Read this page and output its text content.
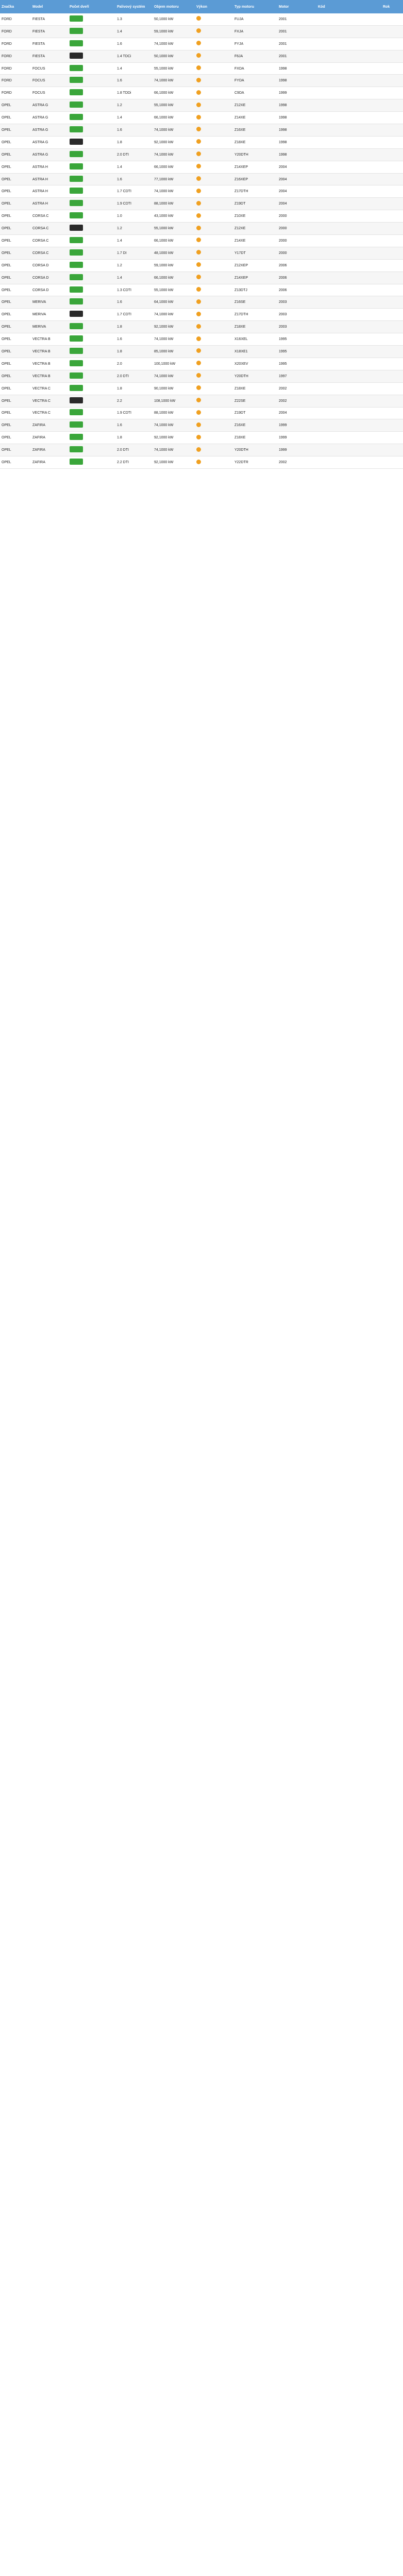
Značka	Model	Počet dveří	Palivový systém	Objem motoru	Výkon	Typ motoru	Motor	Kód	Rok
FORD	FIESTA	1.3	50,1000 kW	FUJA	2001
FORD	FIESTA	1.4	59,1000 kW	FXJA	2001
FORD	FIESTA	1.6	74,1000 kW	FYJA	2001
FORD	FIESTA	1.4 TDCi	50,1000 kW	F6JA	2001
FORD	FOCUS	1.4	55,1000 kW	FXDA	1998
FORD	FOCUS	1.6	74,1000 kW	FYDA	1998
FORD	FOCUS	1.8 TDDi	66,1000 kW	C9DA	1999
OPEL	ASTRA G	1.2	55,1000 kW	Z12XE	1998
OPEL	ASTRA G	1.4	66,1000 kW	Z14XE	1998
OPEL	ASTRA G	1.6	74,1000 kW	Z16XE	1998
OPEL	ASTRA G	1.8	92,1000 kW	Z18XE	1998
OPEL	ASTRA G	2.0 DTI	74,1000 kW	Y20DTH	1998
OPEL	ASTRA H	1.4	66,1000 kW	Z14XEP	2004
OPEL	ASTRA H	1.6	77,1000 kW	Z16XEP	2004
OPEL	ASTRA H	1.7 CDTI	74,1000 kW	Z17DTH	2004
OPEL	ASTRA H	1.9 CDTI	88,1000 kW	Z19DT	2004
OPEL	CORSA C	1.0	43,1000 kW	Z10XE	2000
OPEL	CORSA C	1.2	55,1000 kW	Z12XE	2000
OPEL	CORSA C	1.4	66,1000 kW	Z14XE	2000
OPEL	CORSA C	1.7 DI	48,1000 kW	Y17DT	2000
OPEL	CORSA D	1.2	59,1000 kW	Z12XEP	2006
OPEL	CORSA D	1.4	66,1000 kW	Z14XEP	2006
OPEL	CORSA D	1.3 CDTI	55,1000 kW	Z13DTJ	2006
OPEL	MERIVA	1.6	64,1000 kW	Z16SE	2003
OPEL	MERIVA	1.7 CDTI	74,1000 kW	Z17DTH	2003
OPEL	MERIVA	1.8	92,1000 kW	Z18XE	2003
OPEL	VECTRA B	1.6	74,1000 kW	X16XEL	1995
OPEL	VECTRA B	1.8	85,1000 kW	X18XE1	1995
OPEL	VECTRA B	2.0	100,1000 kW	X20XEV	1995
OPEL	VECTRA B	2.0 DTI	74,1000 kW	Y20DTH	1997
OPEL	VECTRA C	1.8	90,1000 kW	Z18XE	2002
OPEL	VECTRA C	2.2	108,1000 kW	Z22SE	2002
OPEL	VECTRA C	1.9 CDTI	88,1000 kW	Z19DT	2004
OPEL	ZAFIRA	1.6	74,1000 kW	Z16XE	1999
OPEL	ZAFIRA	1.8	92,1000 kW	Z18XE	1999
OPEL	ZAFIRA	2.0 DTI	74,1000 kW	Y20DTH	1999
OPEL	ZAFIRA	2.2 DTI	92,1000 kW	Y22DTR	2002
